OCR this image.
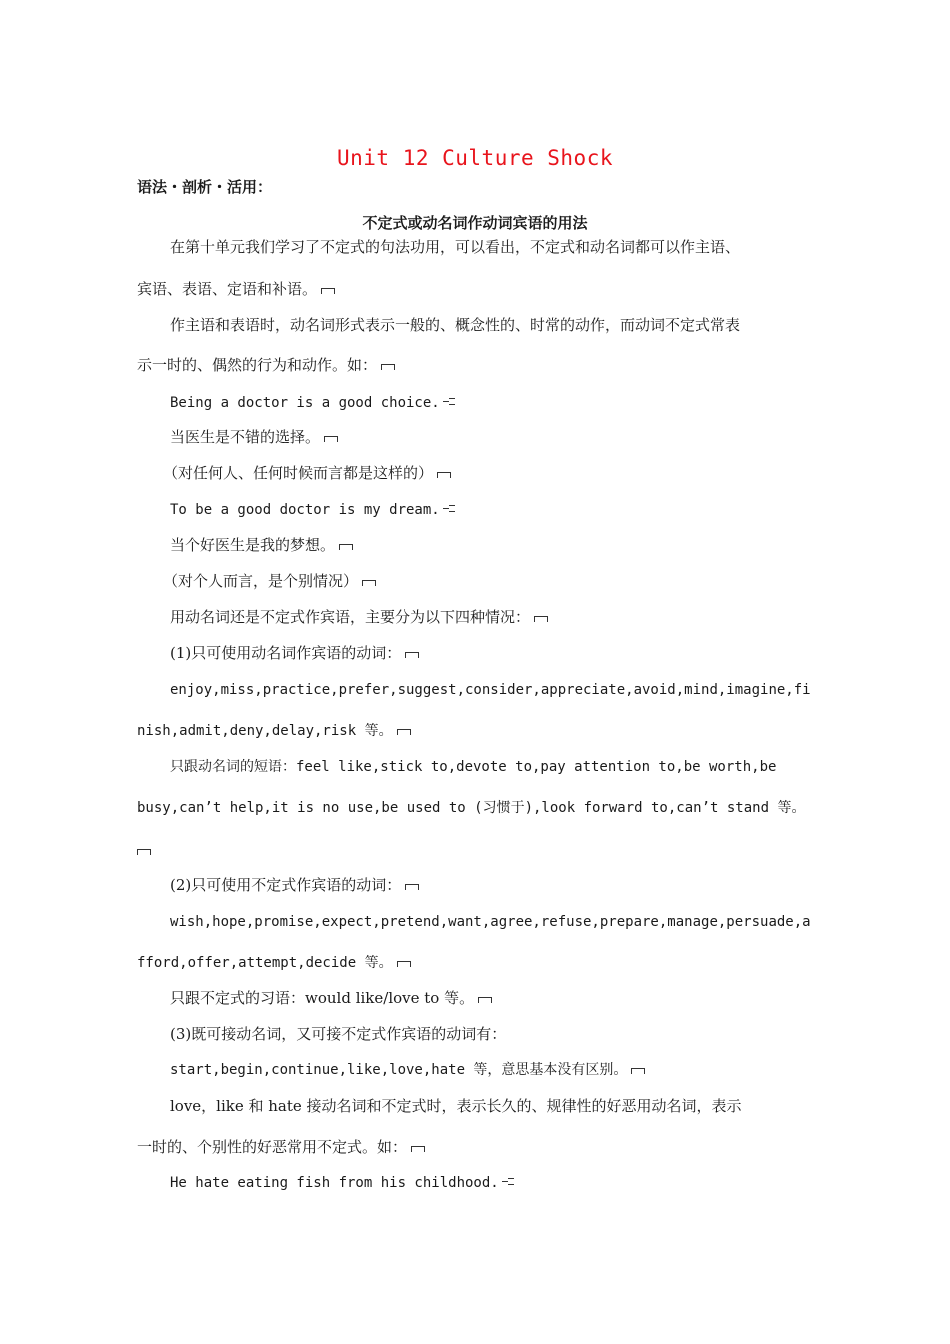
Unit 12 Culture Shock
语法・剖析・活用：
不定式或动名词作动词宾语的用法
在第十单元我们学习了不定式的句法功用，可以看出，不定式和动名词都可以作主语、
宾语、表语、定语和补语。
作主语和表语时，动名词形式表示一般的、概念性的、时常的动作，而动词不定式常表
示一时的、偶然的行为和动作。如：
Being a doctor is a good choice.
当医生是不错的选择。
（对任何人、任何时候而言都是这样的）
To be a good doctor is my dream.
当个好医生是我的梦想。
（对个人而言，是个别情况）
用动名词还是不定式作宾语，主要分为以下四种情况：
(1)只可使用动名词作宾语的动词：
enjoy,miss,practice,prefer,suggest,consider,appreciate,avoid,mind,imagine,fi
nish,admit,deny,delay,risk 等。
只跟动名词的短语：feel like,stick to,devote to,pay attention to,be worth,be
busy,can’t help,it is no use,be used to (习惯于),look forward to,can’t stand 等。
(2)只可使用不定式作宾语的动词：
wish,hope,promise,expect,pretend,want,agree,refuse,prepare,manage,persuade,a
fford,offer,attempt,decide 等。
只跟不定式的习语：would like/love to 等。
(3)既可接动名词，又可接不定式作宾语的动词有：
start,begin,continue,like,love,hate 等，意思基本没有区别。
love，like 和 hate 接动名词和不定式时，表示长久的、规律性的好恶用动名词，表示
一时的、个别性的好恶常用不定式。如：
He hate eating fish from his childhood.
